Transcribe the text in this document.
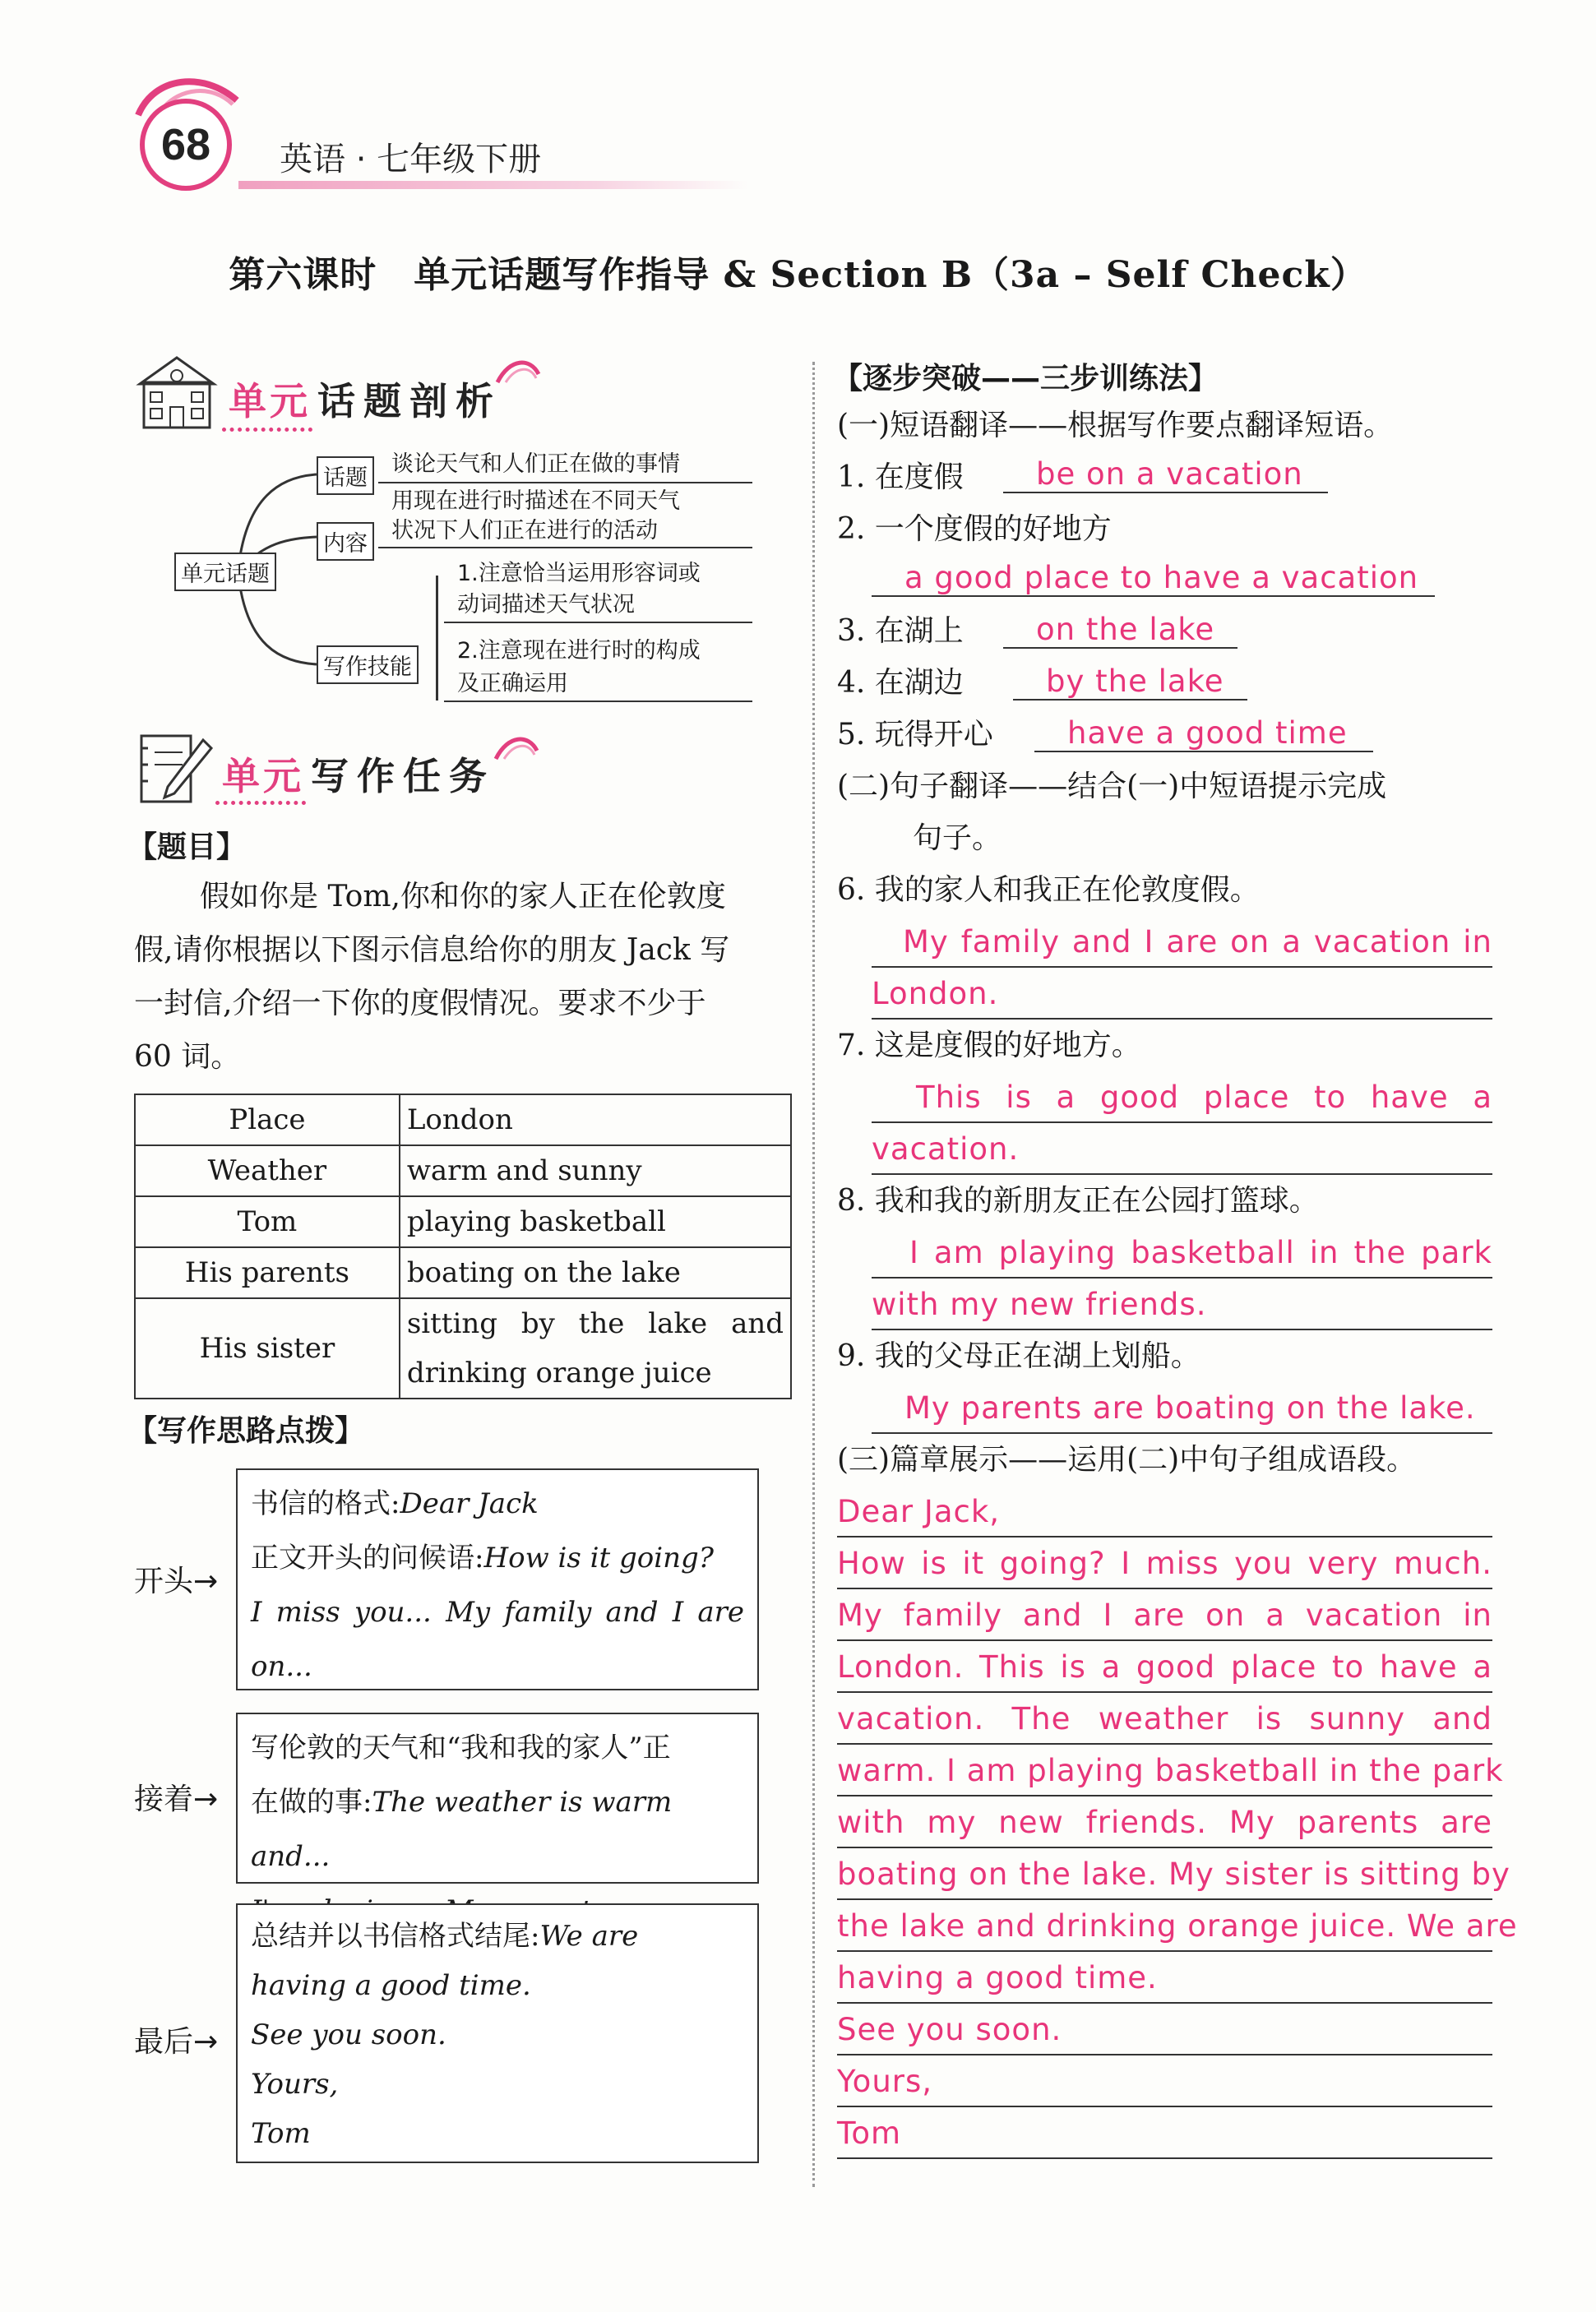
68	英语 · 七年级下册
第六课时　单元话题写作指导 & Section B（3a – Self Check）
单元 话题剖析
单元话题
话题
谈论天气和人们正在做的事情
用现在进行时描述在不同天气
内容
状况下人们正在进行的活动
1.注意恰当运用形容词或
动词描述天气状况
写作技能
2.注意现在进行时的构成
及正确运用
单元 写作任务
【题目】
假如你是 Tom,你和你的家人正在伦敦度
假,请你根据以下图示信息给你的朋友 Jack 写
一封信,介绍一下你的度假情况。要求不少于
60 词。
Place	London
Weather	warm and sunny
Tom	playing basketball
His parents	boating on the lake
His sister	sitting by the lake and
drinking orange juice
【写作思路点拨】
开头→
书信的格式:Dear Jack
正文开头的问候语:How is it going?
I miss you... My family and I are
on...
接着→
写伦敦的天气和“我和我的家人”正
在做的事:The weather is warm and...
最后→
总结并以书信格式结尾:We are
having a good time.
See you soon.
Yours,
Tom
【逐步突破——三步训练法】
(一)短语翻译——根据写作要点翻译短语。
1. 在度假	be on a vacation
2. 一个度假的好地方
a good place to have a vacation
3. 在湖上	on the lake
4. 在湖边	by the lake
5. 玩得开心	have a good time
(二)句子翻译——结合(一)中短语提示完成
句子。
6. 我的家人和我正在伦敦度假。
My family and I are on a vacation in
London.
7. 这是度假的好地方。
This is a good place to have a
vacation.
8. 我和我的新朋友正在公园打篮球。
I am playing basketball in the park
with my new friends.
9. 我的父母正在湖上划船。
My parents are boating on the lake.
(三)篇章展示——运用(二)中句子组成语段。
Dear Jack,
How is it going? I miss you very much.
My family and I are on a vacation in
London. This is a good place to have a
vacation. The weather is sunny and
warm. I am playing basketball in the park
with my new friends. My parents are
boating on the lake. My sister is sitting by
the lake and drinking orange juice. We are
having a good time.
See you soon.
Yours,
Tom
